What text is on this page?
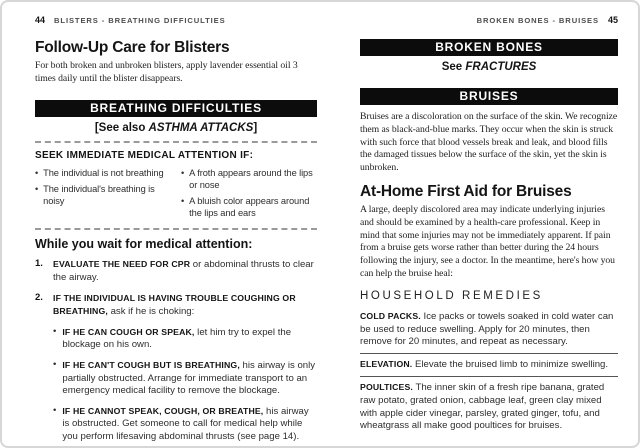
44 BLISTERS - BREATHING DIFFICULTIES
Follow-Up Care for Blisters

For both broken and unbroken blisters, apply lavender essential oil 3 times daily until the blister disappears.

BREATHING DIFFICULTIES
[See also ASTHMA ATTACKS]
SEEK IMMEDIATE MEDICAL ATTENTION IF:
• The individual is not breathing
• The individual's breathing is noisy
• A froth appears around the lips or nose
• A bluish color appears around the lips and ears
While you wait for medical attention:
1.	EVALUATE THE NEED FOR CPR or abdominal thrusts to clear the airway.
2.	IF THE INDIVIDUAL IS HAVING TROUBLE COUGHING OR BREATHING, ask if he is choking:
• IF HE CAN COUGH OR SPEAK, let him try to expel the blockage on his own.
• IF HE CAN'T COUGH BUT IS BREATHING, his airway is only partially obstructed. Arrange for immediate transport to an emergency medical facility to remove the blockage.
• IF HE CANNOT SPEAK, COUGH, OR BREATHE, his airway is obstructed. Get someone to call for medical help while you perform lifesaving abdominal thrusts (see page 14).
BROKEN BONES - BRUISES 45
BROKEN BONES
See FRACTURES
BRUISES

Bruises are a discoloration on the surface of the skin. We recognize them as black-and-blue marks. They occur when the skin is struck with such force that blood vessels break and leak, and blood fills the damaged tissues below the surface of the skin, yet the skin is unbroken.

At-Home First Aid for Bruises

A large, deeply discolored area may indicate underlying injuries and should be examined by a health-care professional. Keep in mind that some injuries may not be immediately apparent. If pain from a bruise gets worse rather than better during the 24 hours following the injury, see a doctor. In the meantime, here's how you can help the bruise heal:

HOUSEHOLD REMEDIES

COLD PACKS. Ice packs or towels soaked in cold water can be used to reduce swelling. Apply for 20 minutes, then remove for 20 minutes, and repeat as necessary.

ELEVATION. Elevate the bruised limb to minimize swelling.

POULTICES. The inner skin of a fresh ripe banana, grated raw potato, grated onion, cabbage leaf, green clay mixed with apple cider vinegar, parsley, grated ginger, tofu, and wheatgrass all make good poultices for bruises.
